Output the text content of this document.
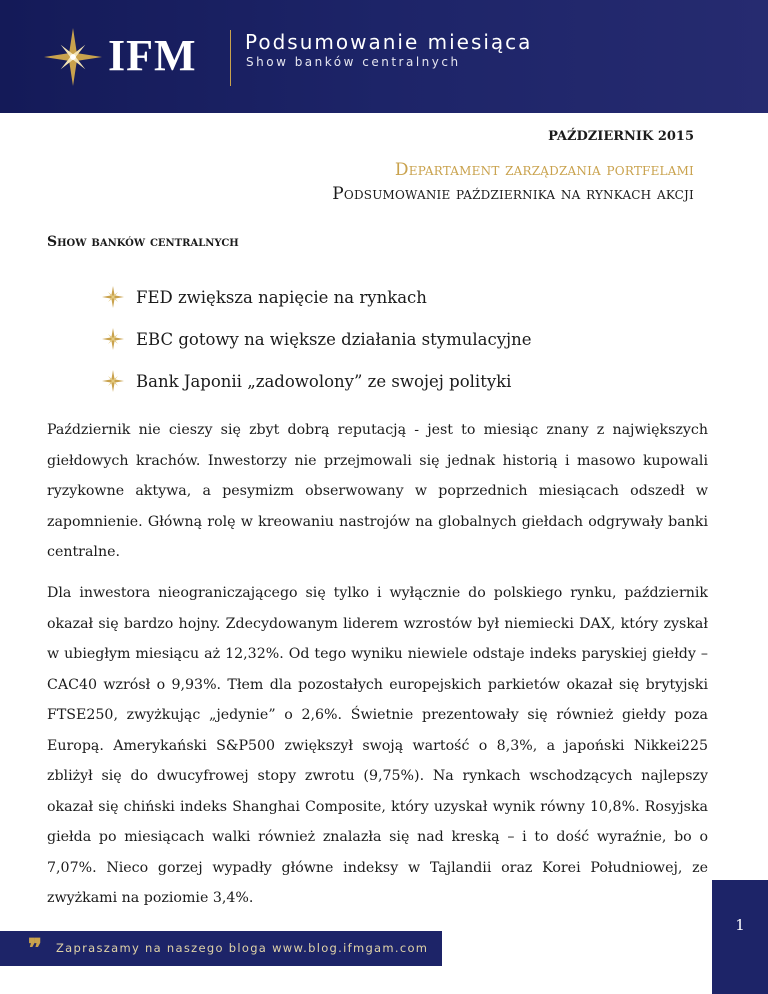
IFM Podsumowanie miesiąca
Show banków centralnych
PAŹDZIERNIK 2015
Departament zarządzania portfelami
Podsumowanie października na rynkach akcji
Show banków centralnych
FED zwiększa napięcie na rynkach
EBC gotowy na większe działania stymulacyjne
Bank Japonii „zadowolony” ze swojej polityki

Październik nie cieszy się zbyt dobrą reputacją - jest to miesiąc znany z największych giełdowych krachów. Inwestorzy nie przejmowali się jednak historią i masowo kupowali ryzykowne aktywa, a pesymizm obserwowany w poprzednich miesiącach odszedł w zapomnienie. Główną rolę w kreowaniu nastrojów na globalnych giełdach odgrywały banki centralne.

Dla inwestora nieograniczającego się tylko i wyłącznie do polskiego rynku, październik okazał się bardzo hojny. Zdecydowanym liderem wzrostów był niemiecki DAX, który zyskał w ubiegłym miesiącu aż 12,32%. Od tego wyniku niewiele odstaje indeks paryskiej giełdy – CAC40 wzrósł o 9,93%. Tłem dla pozostałych europejskich parkietów okazał się brytyjski FTSE250, zwyżkując „jedynie” o 2,6%. Świetnie prezentowały się również giełdy poza Europą. Amerykański S&P500 zwiększył swoją wartość o 8,3%, a japoński Nikkei225 zbliżył się do dwucyfrowej stopy zwrotu (9,75%). Na rynkach wschodzących najlepszy okazał się chiński indeks Shanghai Composite, który uzyskał wynik równy 10,8%. Rosyjska giełda po miesiącach walki również znalazła się nad kreską – i to dość wyraźnie, bo o 7,07%. Nieco gorzej wypadły główne indeksy w Tajlandii oraz Korei Południowej, ze zwyżkami na poziomie 3,4%.

❞ Zapraszamy na naszego bloga www.blog.ifmgam.com
1
